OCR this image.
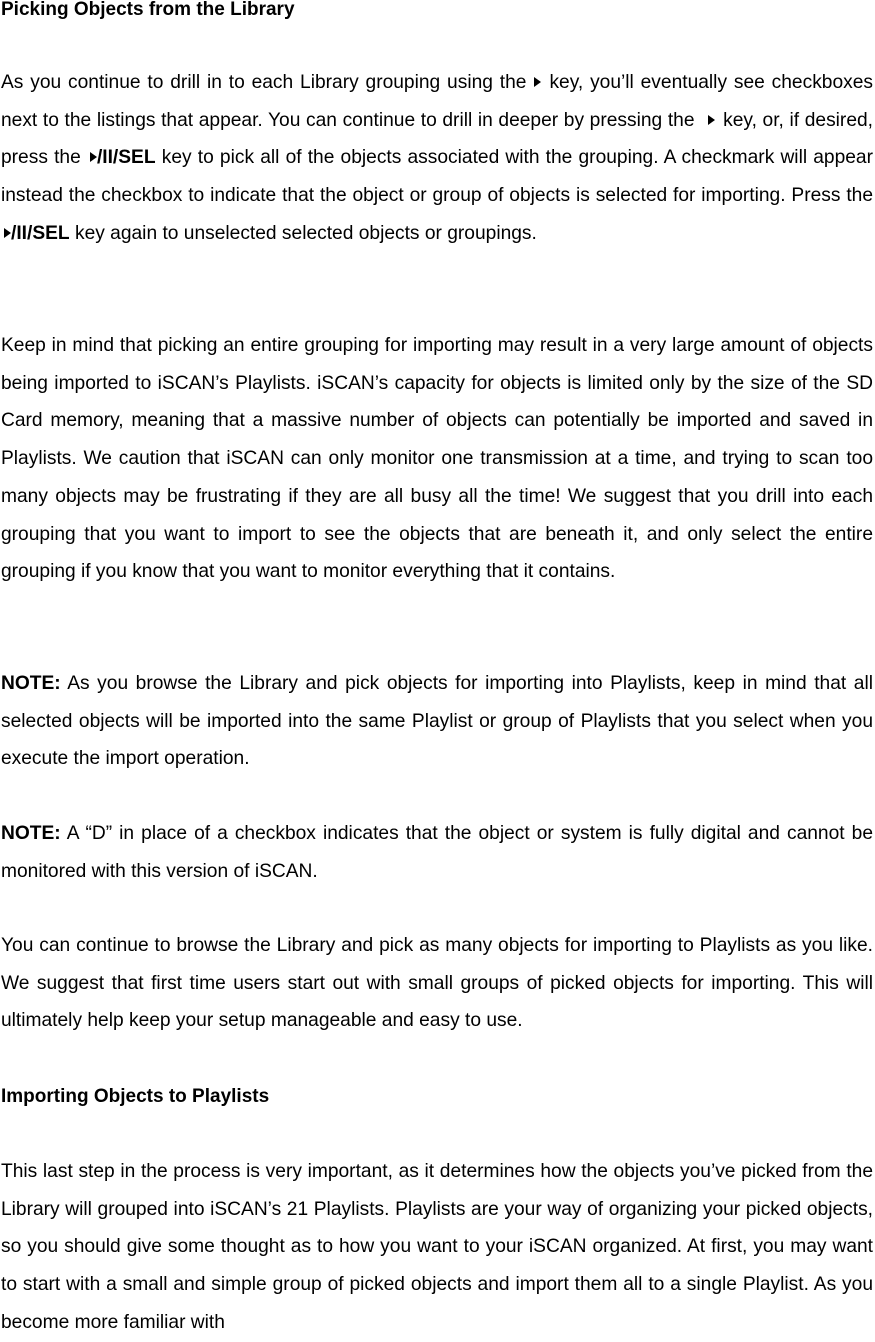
Picking Objects from the Library

As you continue to drill in to each Library grouping using the key, you’ll eventually see checkboxes next to the listings that appear. You can continue to drill in deeper by pressing the key, or, if desired, press the /II/SEL key to pick all of the objects associated with the grouping. A checkmark will appear instead the checkbox to indicate that the object or group of objects is selected for importing. Press the /II/SEL key again to unselected selected objects or groupings.

Keep in mind that picking an entire grouping for importing may result in a very large amount of objects being imported to iSCAN’s Playlists. iSCAN’s capacity for objects is limited only by the size of the SD Card memory, meaning that a massive number of objects can potentially be imported and saved in Playlists. We caution that iSCAN can only monitor one transmission at a time, and trying to scan too many objects may be frustrating if they are all busy all the time! We suggest that you drill into each grouping that you want to import to see the objects that are beneath it, and only select the entire grouping if you know that you want to monitor everything that it contains.

NOTE: As you browse the Library and pick objects for importing into Playlists, keep in mind that all selected objects will be imported into the same Playlist or group of Playlists that you select when you execute the import operation.

NOTE: A “D” in place of a checkbox indicates that the object or system is fully digital and cannot be monitored with this version of iSCAN.

You can continue to browse the Library and pick as many objects for importing to Playlists as you like. We suggest that first time users start out with small groups of picked objects for importing. This will ultimately help keep your setup manageable and easy to use.

Importing Objects to Playlists

This last step in the process is very important, as it determines how the objects you’ve picked from the Library will grouped into iSCAN’s 21 Playlists. Playlists are your way of organizing your picked objects, so you should give some thought as to how you want to your iSCAN organized. At first, you may want to start with a small and simple group of picked objects and import them all to a single Playlist. As you become more familiar with
